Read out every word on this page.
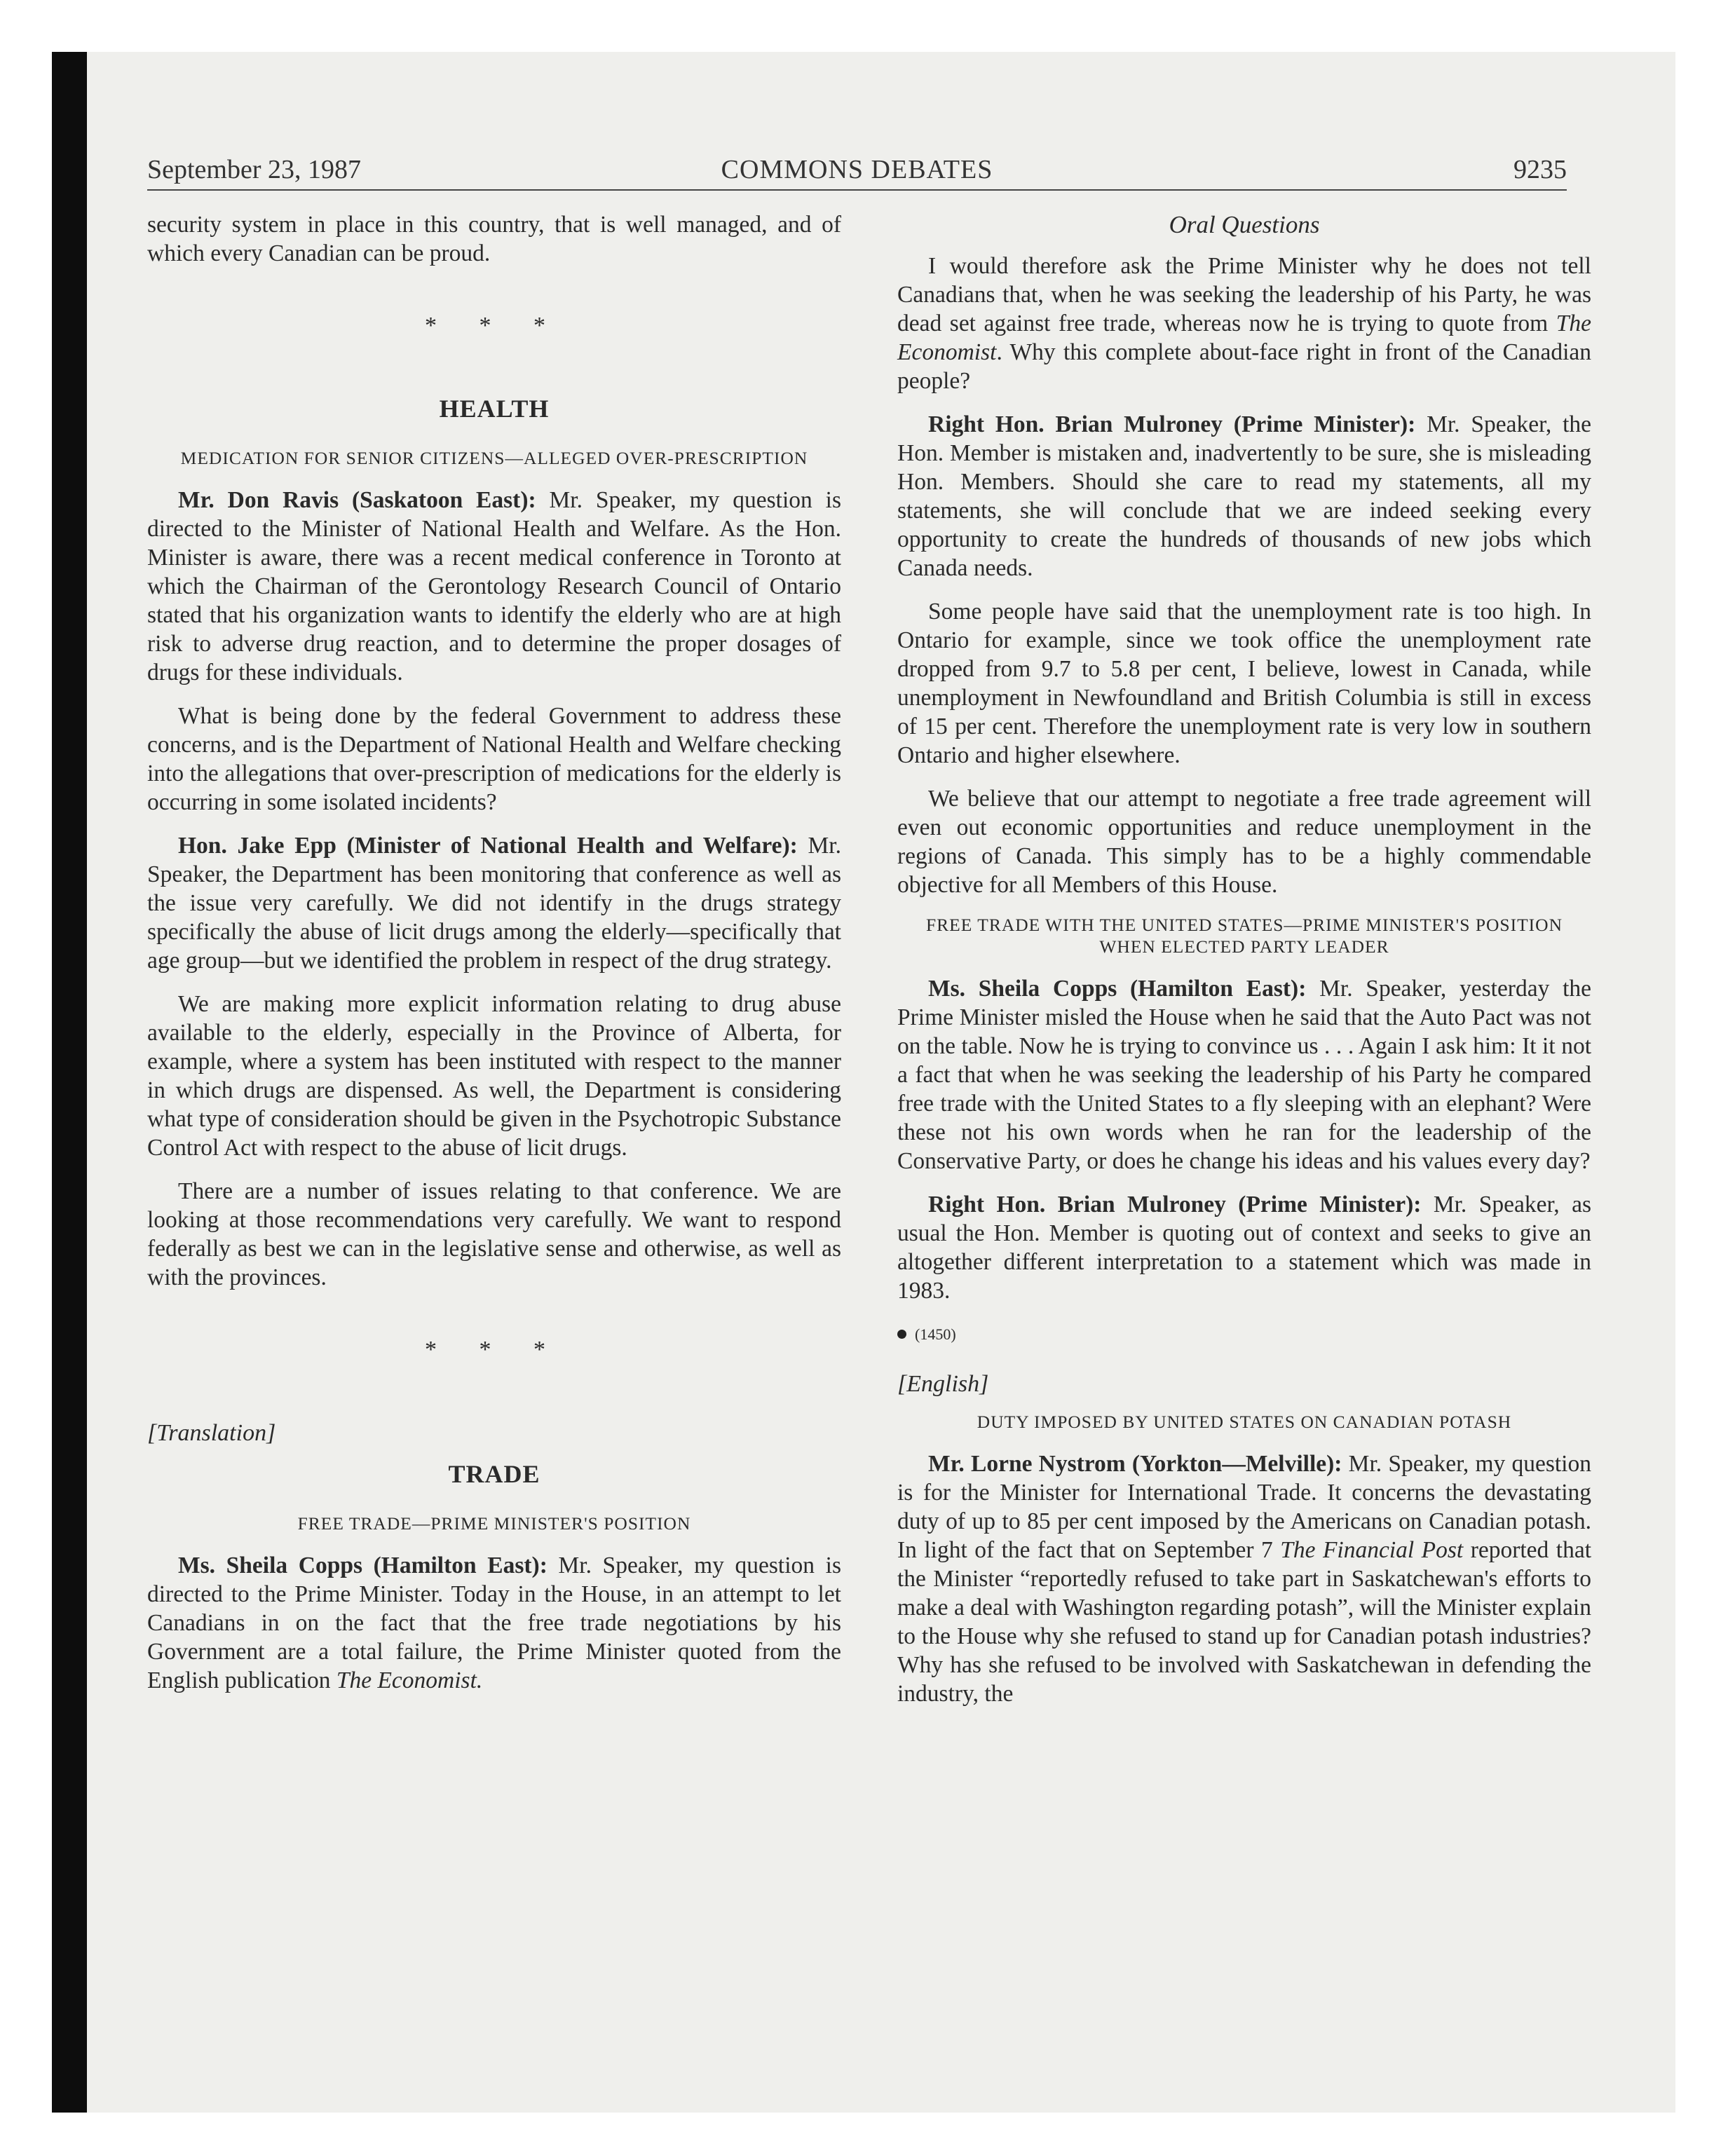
September 23, 1987	COMMONS DEBATES	9235

security system in place in this country, that is well managed, and of which every Canadian can be proud.

* * *
HEALTH
MEDICATION FOR SENIOR CITIZENS—ALLEGED OVER-PRESCRIPTION

Mr. Don Ravis (Saskatoon East): Mr. Speaker, my question is directed to the Minister of National Health and Welfare. As the Hon. Minister is aware, there was a recent medical conference in Toronto at which the Chairman of the Gerontology Research Council of Ontario stated that his organization wants to identify the elderly who are at high risk to adverse drug reaction, and to determine the proper dosages of drugs for these individuals.

What is being done by the federal Government to address these concerns, and is the Department of National Health and Welfare checking into the allegations that over-prescription of medications for the elderly is occurring in some isolated incidents?

Hon. Jake Epp (Minister of National Health and Welfare): Mr. Speaker, the Department has been monitoring that conference as well as the issue very carefully. We did not identify in the drugs strategy specifically the abuse of licit drugs among the elderly—specifically that age group—but we identified the problem in respect of the drug strategy.

We are making more explicit information relating to drug abuse available to the elderly, especially in the Province of Alberta, for example, where a system has been instituted with respect to the manner in which drugs are dispensed. As well, the Department is considering what type of consideration should be given in the Psychotropic Substance Control Act with respect to the abuse of licit drugs.

There are a number of issues relating to that conference. We are looking at those recommendations very carefully. We want to respond federally as best we can in the legislative sense and otherwise, as well as with the provinces.

* * *
[Translation]
TRADE
FREE TRADE—PRIME MINISTER'S POSITION

Ms. Sheila Copps (Hamilton East): Mr. Speaker, my question is directed to the Prime Minister. Today in the House, in an attempt to let Canadians in on the fact that the free trade negotiations by his Government are a total failure, the Prime Minister quoted from the English publication The Economist.

Oral Questions

I would therefore ask the Prime Minister why he does not tell Canadians that, when he was seeking the leadership of his Party, he was dead set against free trade, whereas now he is trying to quote from The Economist. Why this complete about-face right in front of the Canadian people?

Right Hon. Brian Mulroney (Prime Minister): Mr. Speaker, the Hon. Member is mistaken and, inadvertently to be sure, she is misleading Hon. Members. Should she care to read my statements, all my statements, she will conclude that we are indeed seeking every opportunity to create the hundreds of thousands of new jobs which Canada needs.

Some people have said that the unemployment rate is too high. In Ontario for example, since we took office the unemployment rate dropped from 9.7 to 5.8 per cent, I believe, lowest in Canada, while unemployment in Newfoundland and British Columbia is still in excess of 15 per cent. Therefore the unemployment rate is very low in southern Ontario and higher elsewhere.

We believe that our attempt to negotiate a free trade agreement will even out economic opportunities and reduce unemployment in the regions of Canada. This simply has to be a highly commendable objective for all Members of this House.

FREE TRADE WITH THE UNITED STATES—PRIME MINISTER'S POSITION WHEN ELECTED PARTY LEADER

Ms. Sheila Copps (Hamilton East): Mr. Speaker, yesterday the Prime Minister misled the House when he said that the Auto Pact was not on the table. Now he is trying to convince us . . . Again I ask him: It it not a fact that when he was seeking the leadership of his Party he compared free trade with the United States to a fly sleeping with an elephant? Were these not his own words when he ran for the leadership of the Conservative Party, or does he change his ideas and his values every day?

Right Hon. Brian Mulroney (Prime Minister): Mr. Speaker, as usual the Hon. Member is quoting out of context and seeks to give an altogether different interpretation to a statement which was made in 1983.

(1450)
[English]
DUTY IMPOSED BY UNITED STATES ON CANADIAN POTASH

Mr. Lorne Nystrom (Yorkton—Melville): Mr. Speaker, my question is for the Minister for International Trade. It concerns the devastating duty of up to 85 per cent imposed by the Americans on Canadian potash. In light of the fact that on September 7 The Financial Post reported that the Minister “reportedly refused to take part in Saskatchewan's efforts to make a deal with Washington regarding potash”, will the Minister explain to the House why she refused to stand up for Canadian potash industries? Why has she refused to be involved with Saskatchewan in defending the industry, the
